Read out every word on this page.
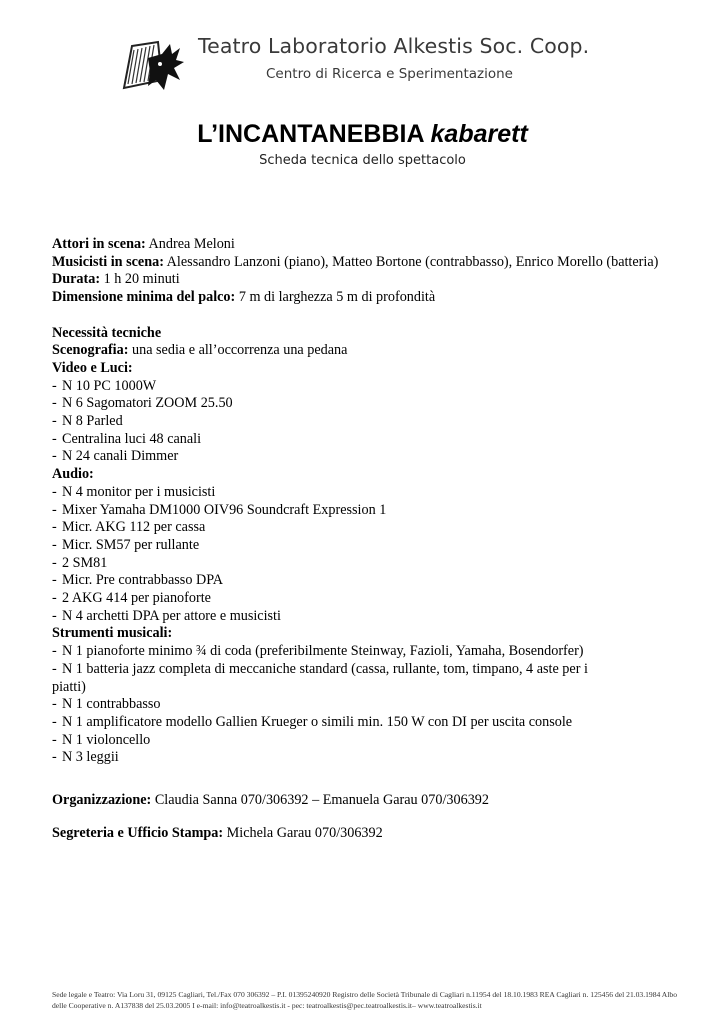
Teatro Laboratorio Alkestis Soc. Coop.
Centro di Ricerca e Sperimentazione
L’INCANTANEBBIA kabarett
Scheda tecnica dello spettacolo
Attori in scena: Andrea Meloni
Musicisti in scena: Alessandro Lanzoni (piano), Matteo Bortone (contrabbasso), Enrico Morello (batteria)
Durata: 1 h 20 minuti
Dimensione minima del palco: 7 m di larghezza 5 m di profondità
Necessità tecniche
Scenografia: una sedia e all’occorrenza una pedana
Video e Luci:
- N 10 PC 1000W
- N 6 Sagomatori ZOOM 25.50
- N 8 Parled
- Centralina luci 48 canali
- N 24 canali Dimmer
Audio:
- N 4 monitor per i musicisti
- Mixer Yamaha DM1000 OIV96 Soundcraft Expression 1
- Micr. AKG 112 per cassa
- Micr. SM57 per rullante
- 2 SM81
- Micr. Pre contrabbasso DPA
- 2 AKG 414 per pianoforte
- N 4 archetti DPA per attore e musicisti
Strumenti musicali:
- N 1 pianoforte minimo ¾ di coda (preferibilmente Steinway, Fazioli, Yamaha, Bosendorfer)
- N 1 batteria jazz completa di meccaniche standard (cassa, rullante, tom, timpano, 4 aste per i
piatti)
- N 1 contrabbasso
- N 1 amplificatore modello Gallien Krueger o simili min. 150 W con DI per uscita console
- N 1 violoncello
- N 3 leggii
Organizzazione: Claudia Sanna 070/306392 – Emanuela Garau 070/306392
Segreteria e Ufficio Stampa: Michela Garau 070/306392
Sede legale e Teatro: Via Loru 31, 09125 Cagliari, Tel./Fax 070 306392 – P.I. 01395240920 Registro delle Società Tribunale di Cagliari n.11954 del 18.10.1983 REA Cagliari n. 125456 del 21.03.1984 Albo delle Cooperative n. A137838 del 25.03.2005 I e-mail: info@teatroalkestis.it - pec: teatroalkestis@pec.teatroalkestis.it– www.teatroalkestis.it
